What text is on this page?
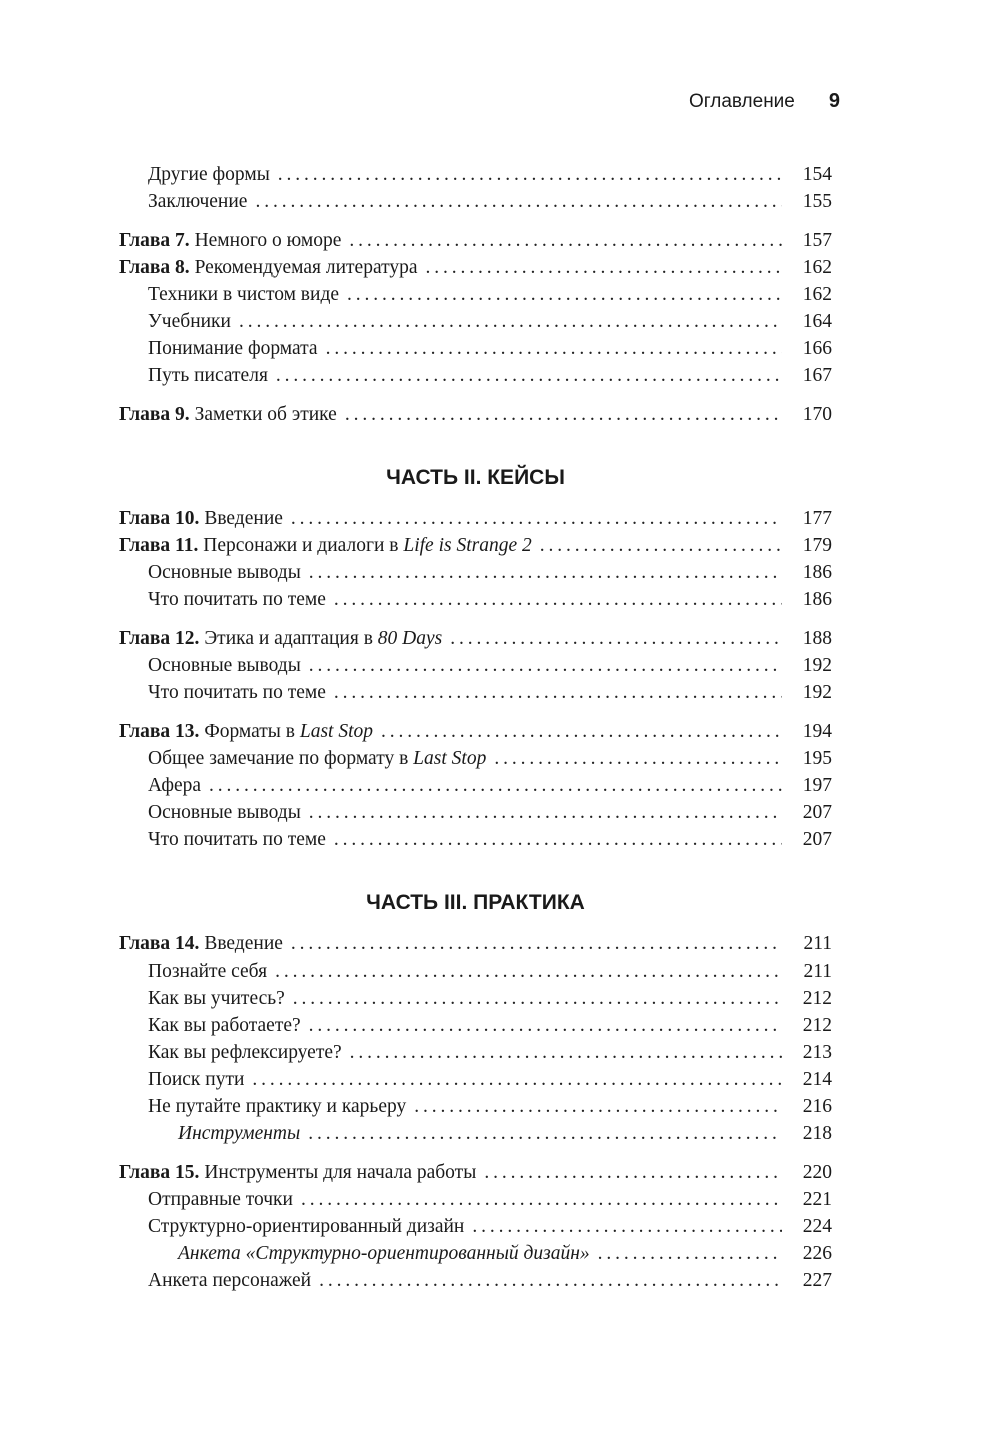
Оглавление 9
ЧАСТЬ II. КЕЙСЫ
ЧАСТЬ III. ПРАКТИКА
Другие формы . . .	154
Заключение . . .	155
Глава 7. Немного о юморе . . .	157
Глава 8. Рекомендуемая литература . . .	162
Техники в чистом виде . . .	162
Учебники . . .	164
Понимание формата . . .	166
Путь писателя . . .	167
Глава 9. Заметки об этике . . .	170
Глава 10. Введение . . .	177
Глава 11. Персонажи и диалоги в Life is Strange 2 . . .	179
Основные выводы . . .	186
Что почитать по теме . . .	186
Глава 12. Этика и адаптация в 80 Days . . .	188
Основные выводы . . .	192
Что почитать по теме . . .	192
Глава 13. Форматы в Last Stop . . .	194
Общее замечание по формату в Last Stop . . .	195
Афера . . .	197
Основные выводы . . .	207
Что почитать по теме . . .	207
Глава 14. Введение . . .	211
Познайте себя . . .	211
Как вы учитесь? . . .	212
Как вы работаете? . . .	212
Как вы рефлексируете? . . .	213
Поиск пути . . .	214
Не путайте практику и карьеру . . .	216
Инструменты . . .	218
Глава 15. Инструменты для начала работы . . .	220
Отправные точки . . .	221
Структурно-ориентированный дизайн . . .	224
Анкета «Структурно-ориентированный дизайн» . . .	226
Анкета персонажей . . .	227
